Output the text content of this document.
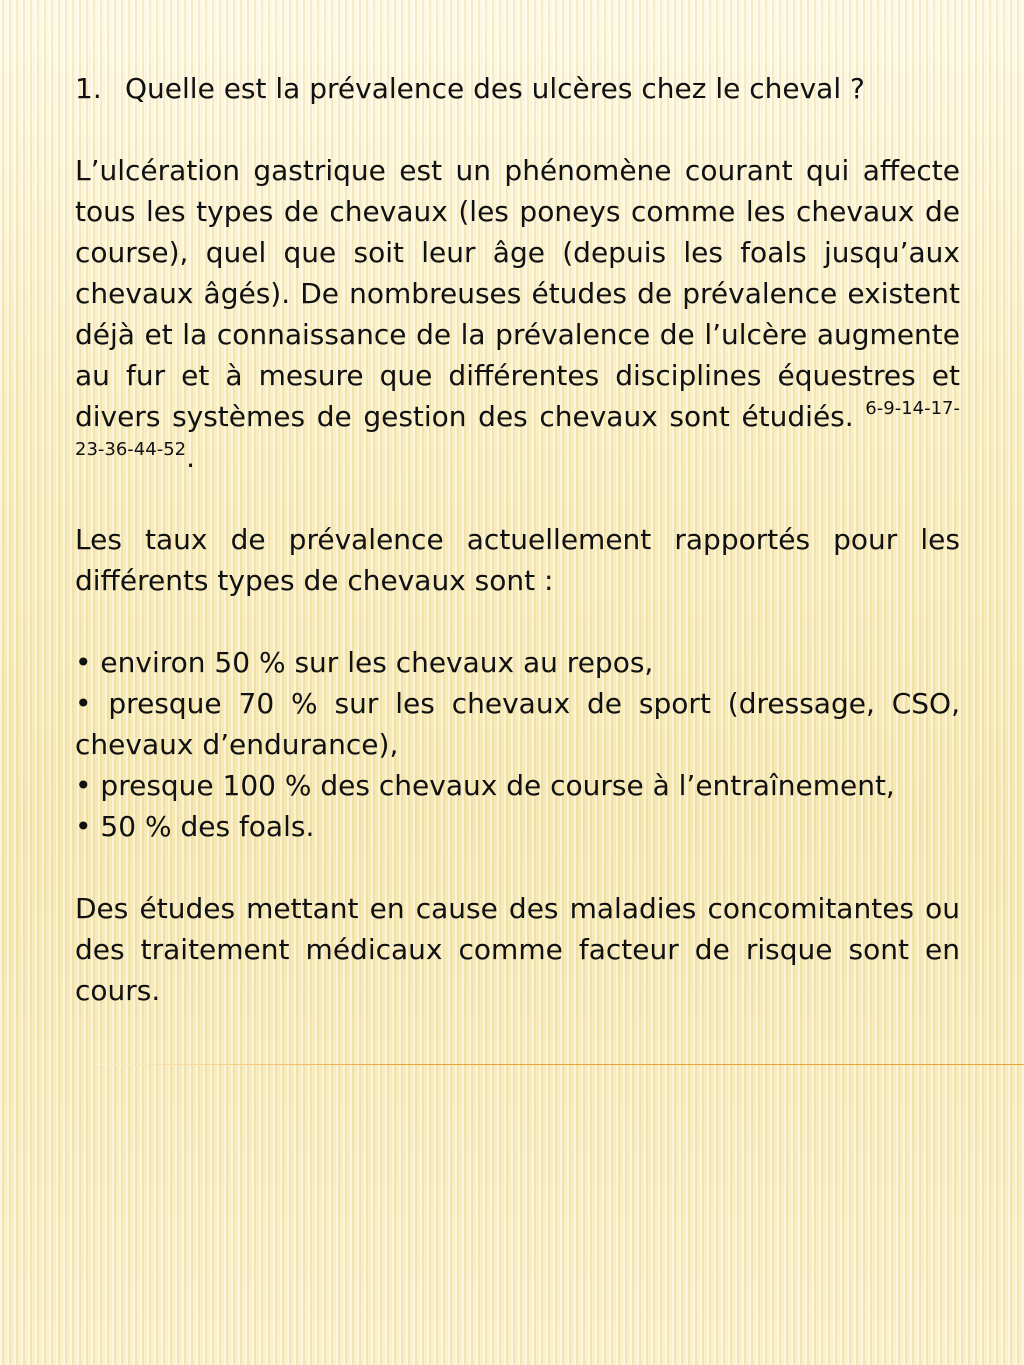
1. Quelle est la prévalence des ulcères chez le cheval ?

L’ulcération gastrique est un phénomène courant qui affecte tous les types de chevaux (les poneys comme les chevaux de course), quel que soit leur âge (depuis les foals jusqu’aux chevaux âgés). De nombreuses études de prévalence existent déjà et la connaissance de la prévalence de l’ulcère augmente au fur et à mesure que différentes disciplines équestres et divers systèmes de gestion des chevaux sont étudiés. $^{6-9-14-17-23-36-44-52}$.

Les taux de prévalence actuellement rapportés pour les différents types de chevaux sont :

• environ 50 % sur les chevaux au repos,
• presque 70 % sur les chevaux de sport (dressage, CSO, chevaux d’endurance),
• presque 100 % des chevaux de course à l’entraînement,
• 50 % des foals.

Des études mettant en cause des maladies concomitantes ou des traitement médicaux comme facteur de risque sont en cours.
